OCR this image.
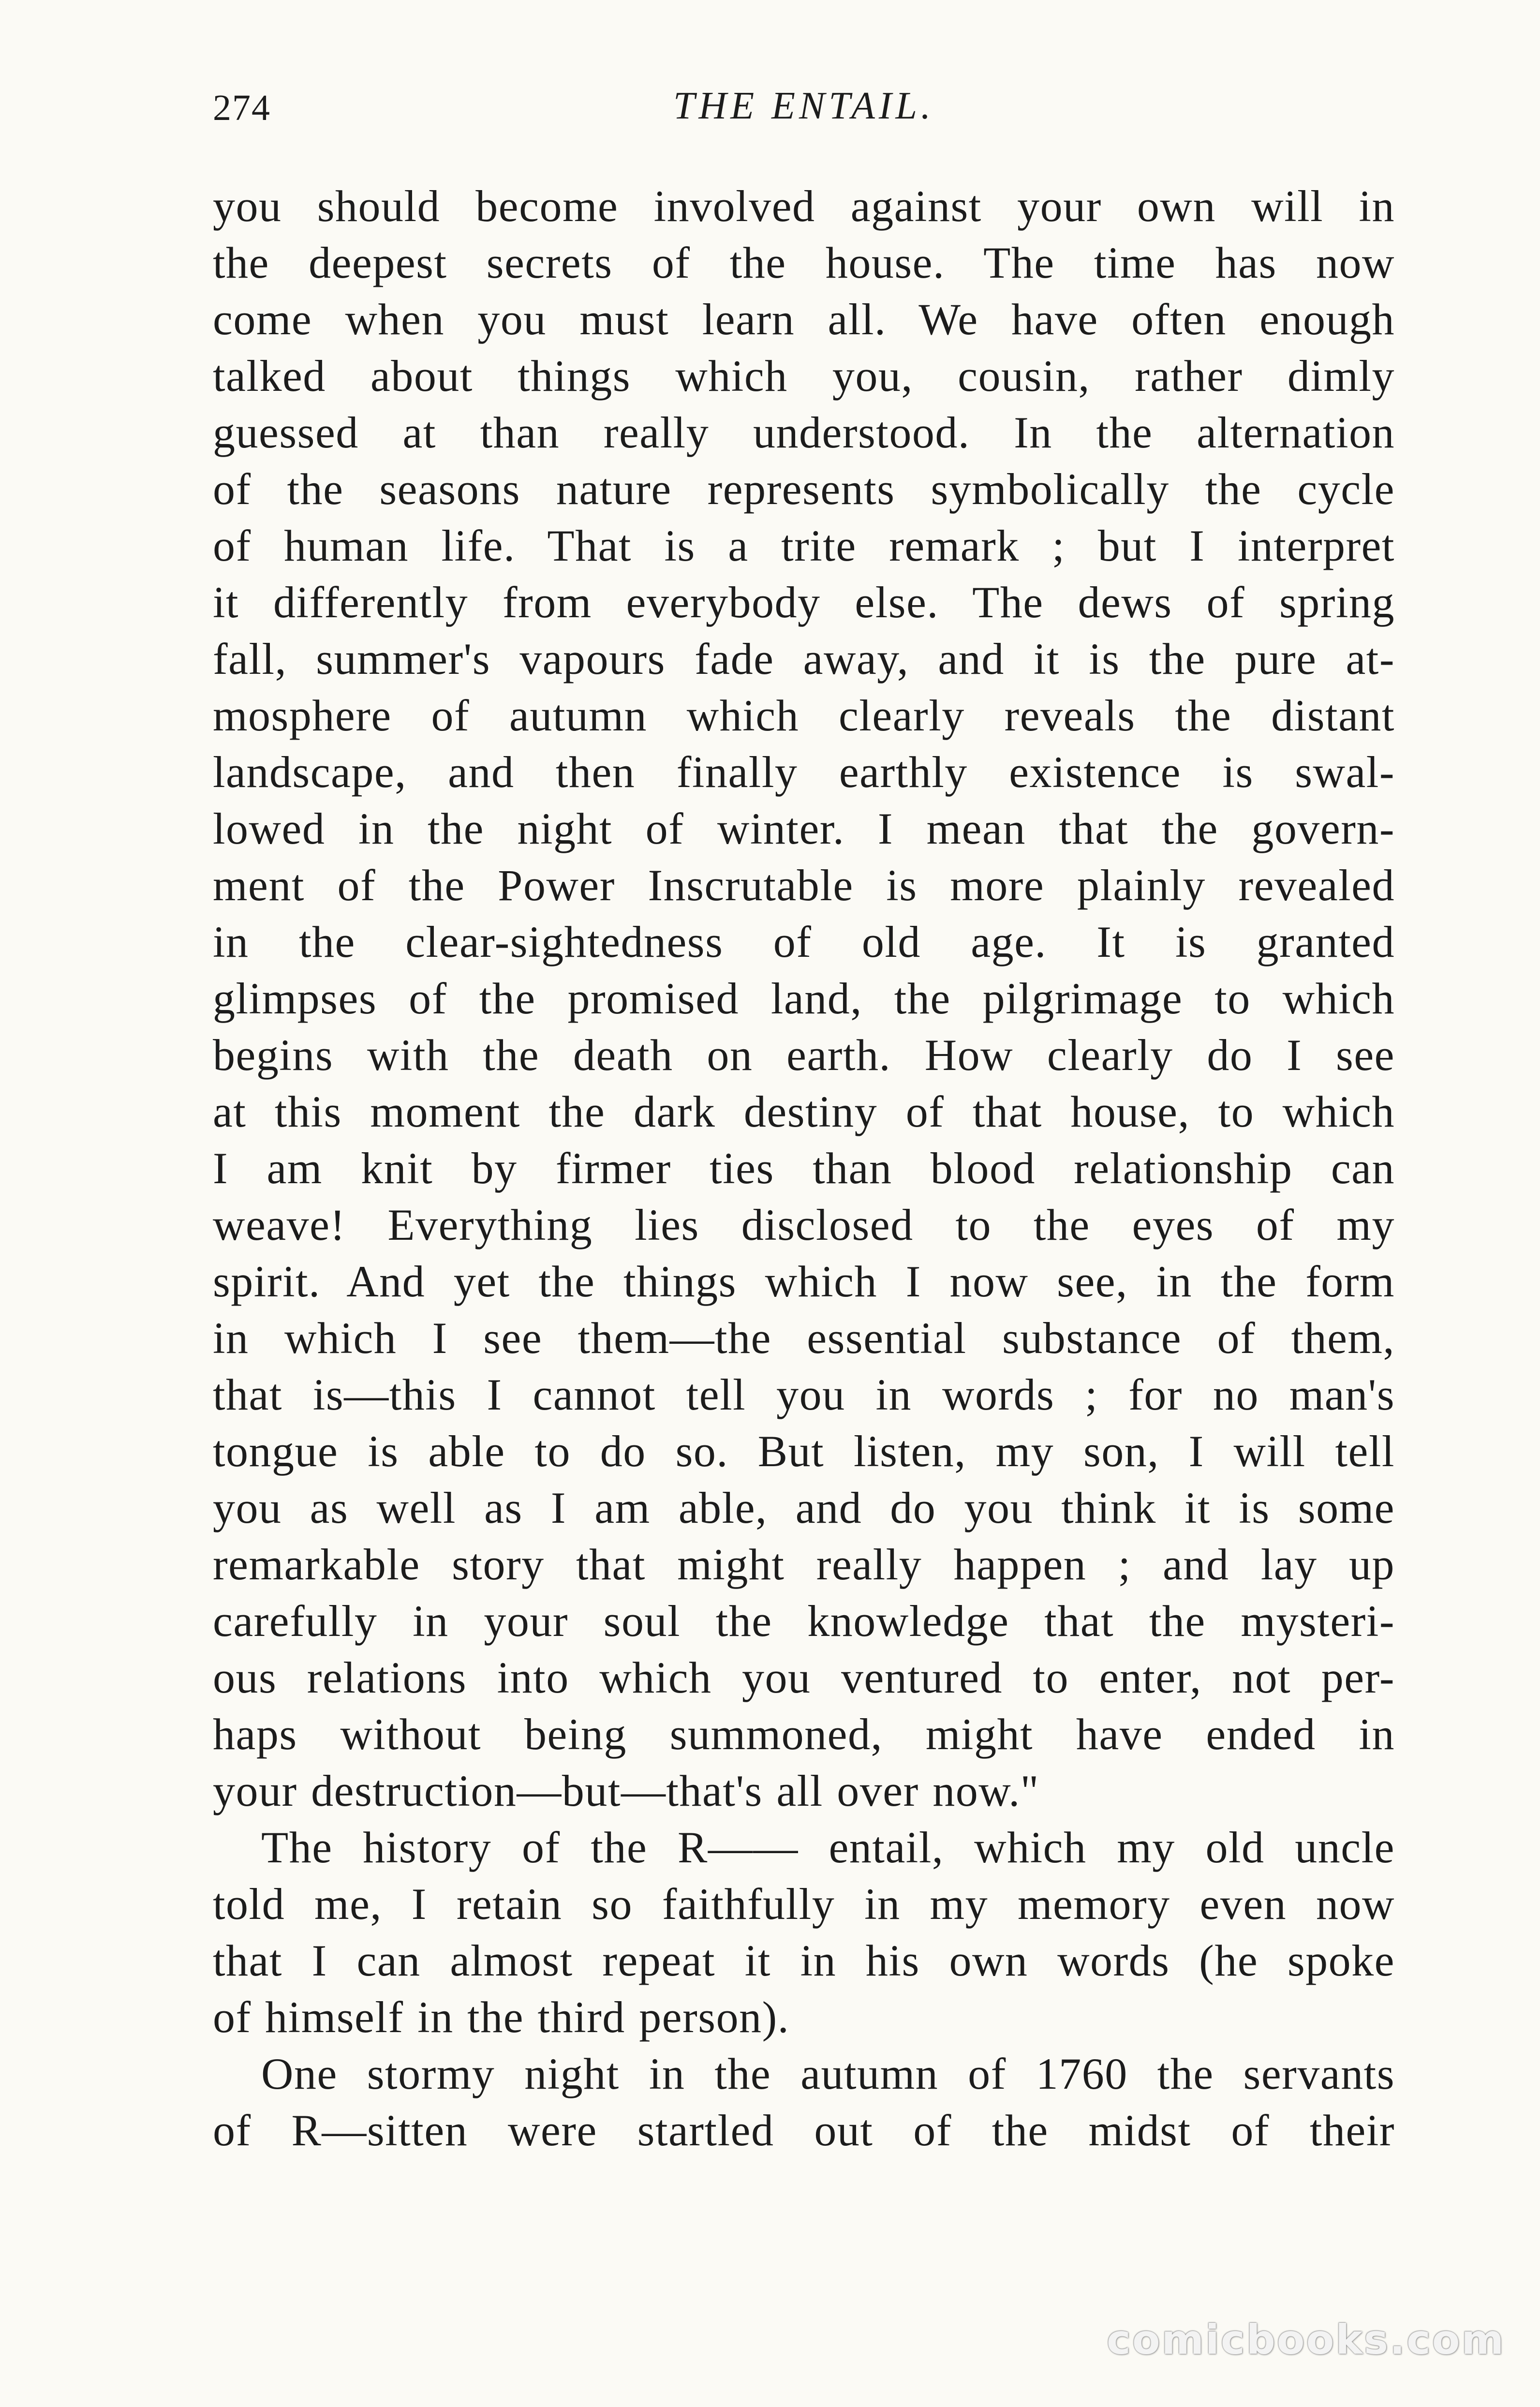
274	THE ENTAIL.
you should become involved against your own will in
the deepest secrets of the house. The time has now
come when you must learn all. We have often enough
talked about things which you, cousin, rather dimly
guessed at than really understood. In the alternation
of the seasons nature represents symbolically the cycle
of human life. That is a trite remark ; but I interpret
it differently from everybody else. The dews of spring
fall, summer's vapours fade away, and it is the pure at-
mosphere of autumn which clearly reveals the distant
landscape, and then finally earthly existence is swal-
lowed in the night of winter. I mean that the govern-
ment of the Power Inscrutable is more plainly revealed
in the clear-sightedness of old age. It is granted
glimpses of the promised land, the pilgrimage to which
begins with the death on earth. How clearly do I see
at this moment the dark destiny of that house, to which
I am knit by firmer ties than blood relationship can
weave! Everything lies disclosed to the eyes of my
spirit. And yet the things which I now see, in the form
in which I see them—the essential substance of them,
that is—this I cannot tell you in words ; for no man's
tongue is able to do so. But listen, my son, I will tell
you as well as I am able, and do you think it is some
remarkable story that might really happen ; and lay up
carefully in your soul the knowledge that the mysteri-
ous relations into which you ventured to enter, not per-
haps without being summoned, might have ended in
your destruction—but—that's all over now."
The history of the R—— entail, which my old uncle
told me, I retain so faithfully in my memory even now
that I can almost repeat it in his own words (he spoke
of himself in the third person).
One stormy night in the autumn of 1760 the servants
of R—sitten were startled out of the midst of their
comicbooks.com
